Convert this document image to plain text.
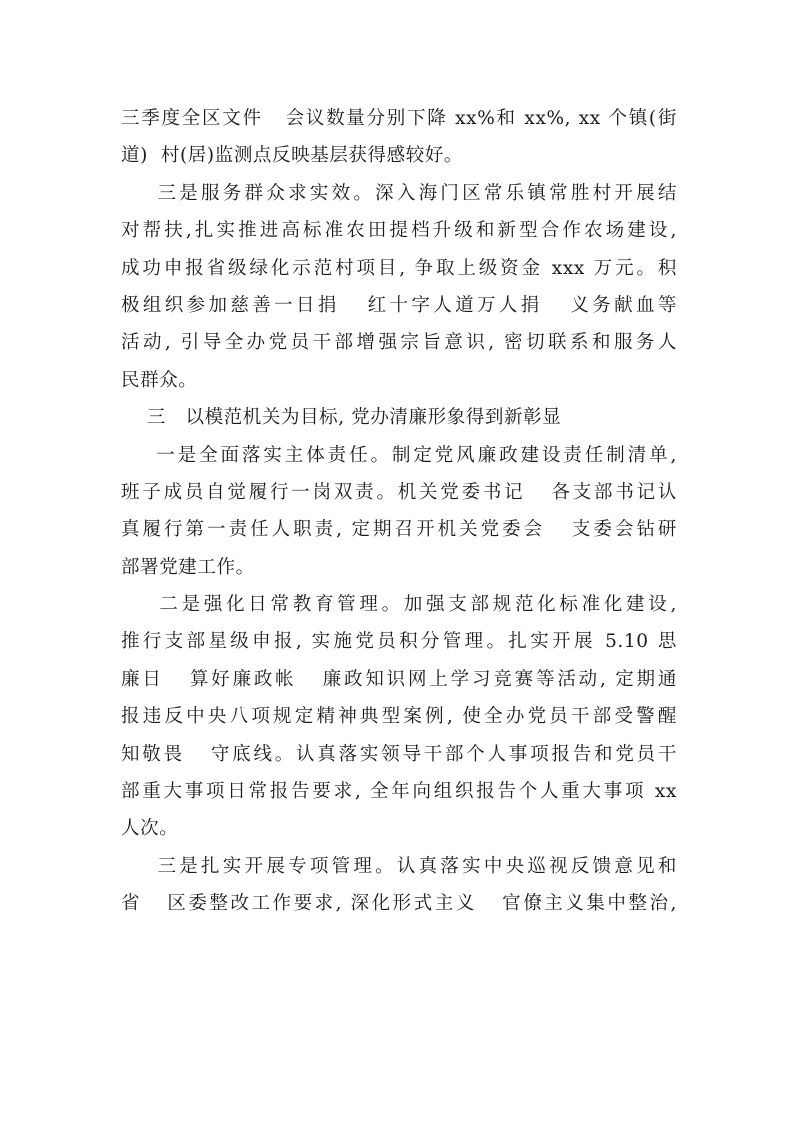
三季度全区文件   会议数量分别下降 xx%和 xx%, xx 个镇(街
道)  村(居)监测点反映基层获得感较好。
三是服务群众求实效。深入海门区常乐镇常胜村开展结
对帮扶,扎实推进高标准农田提档升级和新型合作农场建设,
成功申报省级绿化示范村项目, 争取上级资金 xxx 万元。积
极组织参加慈善一日捐   红十字人道万人捐   义务献血等
活动, 引导全办党员干部增强宗旨意识, 密切联系和服务人
民群众。
三   以模范机关为目标, 党办清廉形象得到新彰显
一是全面落实主体责任。制定党风廉政建设责任制清单,
班子成员自觉履行一岗双责。机关党委书记   各支部书记认
真履行第一责任人职责, 定期召开机关党委会   支委会钻研
部署党建工作。
二是强化日常教育管理。加强支部规范化标准化建设,
推行支部星级申报, 实施党员积分管理。扎实开展 5.10 思
廉日   算好廉政帐   廉政知识网上学习竞赛等活动, 定期通
报违反中央八项规定精神典型案例, 使全办党员干部受警醒
知敬畏   守底线。认真落实领导干部个人事项报告和党员干
部重大事项日常报告要求, 全年向组织报告个人重大事项 xx
人次。
三是扎实开展专项管理。认真落实中央巡视反馈意见和
省   区委整改工作要求, 深化形式主义   官僚主义集中整治,
